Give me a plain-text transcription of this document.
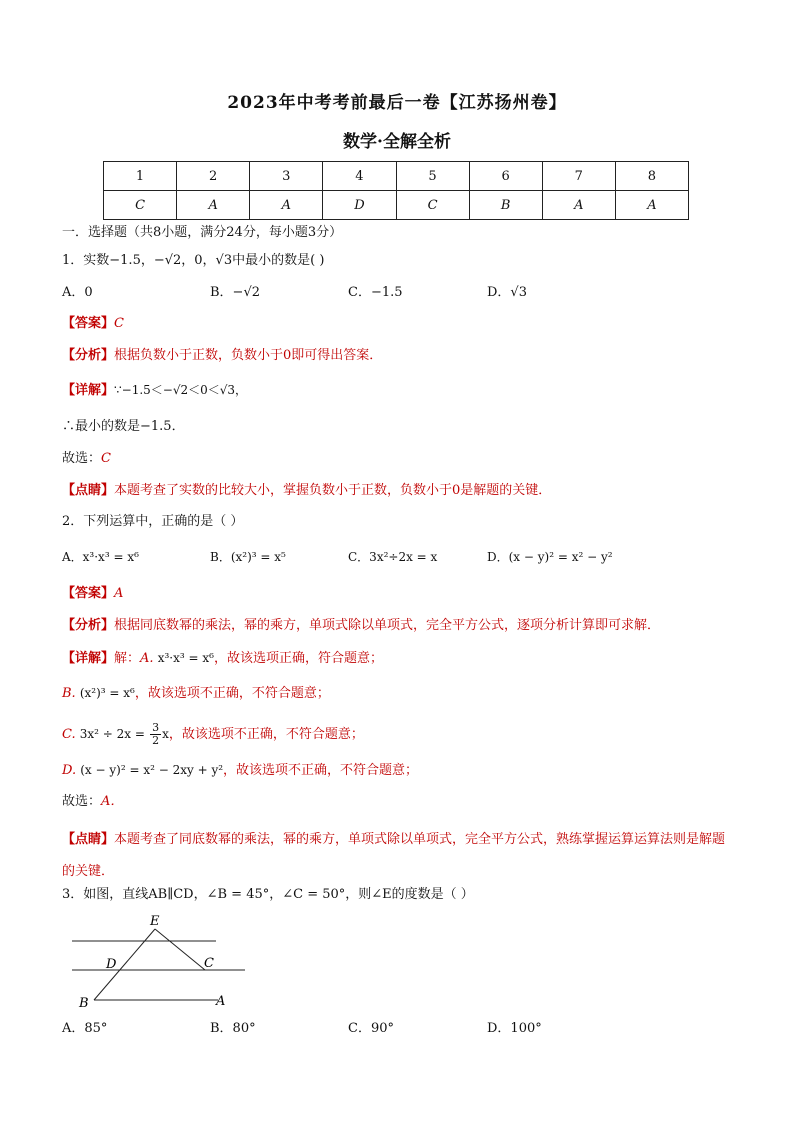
2023年中考考前最后一卷【江苏扬州卷】
数学·全解全析
1	2	3	4	5	6	7	8
C	A	A	D	C	B	A	A
一．选择题（共8小题，满分24分，每小题3分）
1．实数−1.5，−√2，0，√3中最小的数是( )
A．0	B．−√2	C．−1.5	D．√3
【答案】C
【分析】根据负数小于正数，负数小于0即可得出答案．
【详解】∵−1.5＜−√2＜0＜√3，
∴最小的数是−1.5．
故选：C
【点睛】本题考查了实数的比较大小，掌握负数小于正数，负数小于0是解题的关键．
2．下列运算中，正确的是（ ）
A．x³·x³ = x⁶	B．(x²)³ = x⁵	C．3x²÷2x = x	D．(x − y)² = x² − y²
【答案】A
【分析】根据同底数幂的乘法，幂的乘方，单项式除以单项式，完全平方公式，逐项分析计算即可求解．
【详解】解：A. x³·x³ = x⁶，故该选项正确，符合题意；
B. (x²)³ = x⁶，故该选项不正确，不符合题意；
C. $3x^2 \div 2x = \frac{3}{2}$ x，故该选项不正确，不符合题意；
D. (x − y)² = x² − 2xy + y²，故该选项不正确，不符合题意；
故选：A．
【点睛】本题考查了同底数幂的乘法，幂的乘方，单项式除以单项式，完全平方公式，熟练掌握运算运算法则是解题的关键．
3．如图，直线AB∥CD，∠B = 45°，∠C = 50°，则∠E的度数是（ ）
E
D	C
B	A
A．85°	B．80°	C．90°	D．100°
